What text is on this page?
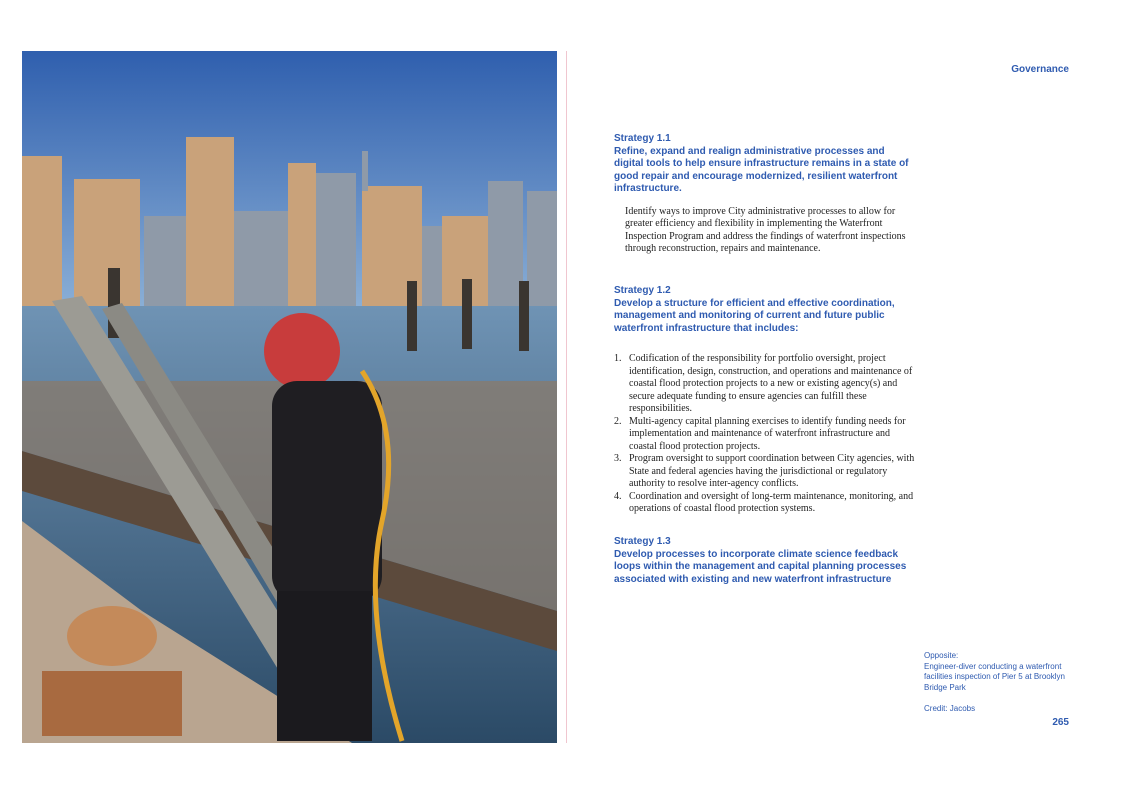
Governance
Strategy 1.1
Refine, expand and realign administrative processes and digital tools to help ensure infrastructure remains in a state of good repair and encourage modernized, resilient waterfront infrastructure.
Identify ways to improve City administrative processes to allow for greater efficiency and flexibility in implementing the Waterfront Inspection Program and address the findings of waterfront inspections through reconstruction, repairs and maintenance.
Strategy 1.2
Develop a structure for efficient and effective coordination, management and monitoring of current and future public waterfront infrastructure that includes:
1. Codification of the responsibility for portfolio oversight, project identification, design, construction, and operations and maintenance of coastal flood protection projects to a new or existing agency(s) and secure adequate funding to ensure agencies can fulfill these responsibilities.
2. Multi-agency capital planning exercises to identify funding needs for implementation and maintenance of waterfront infrastructure and coastal flood protection projects.
3. Program oversight to support coordination between City agencies, with State and federal agencies having the jurisdictional or regulatory authority to resolve inter-agency conflicts.
4. Coordination and oversight of long-term maintenance, monitoring, and operations of coastal flood protection systems.
Strategy 1.3
Develop processes to incorporate climate science feedback loops within the management and capital planning processes associated with existing and new waterfront infrastructure
Opposite:
Engineer-diver conducting a waterfront facilities inspection of Pier 5 at Brooklyn Bridge Park
Credit: Jacobs
265
